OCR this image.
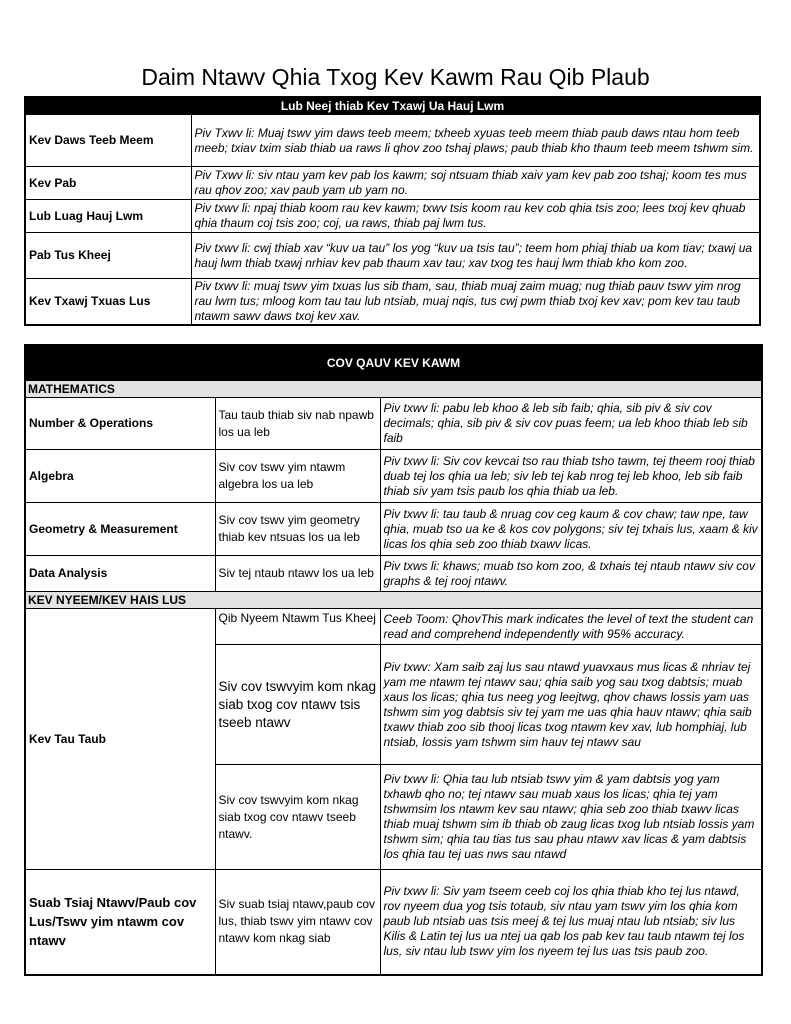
Daim Ntawv Qhia Txog Kev Kawm Rau Qib Plaub
Lub Neej thiab Kev Txawj Ua Hauj Lwm	
Kev Daws Teeb Meem	Piv Txwv li: Muaj tswv yim daws teeb meem; txheeb xyuas teeb meem thiab paub daws ntau hom teeb meeb; txiav txim siab thiab ua raws li qhov zoo tshaj plaws; paub thiab kho thaum teeb meem tshwm sim.
Kev Pab	Piv Txwv li: siv ntau yam kev pab los kawm; soj ntsuam thiab xaiv yam kev pab zoo tshaj; koom tes mus rau qhov zoo; xav paub yam ub yam no.
Lub Luag Hauj Lwm	Piv txwv li: npaj thiab koom rau kev kawm; txwv tsis koom rau kev cob qhia tsis zoo; lees txoj kev qhuab qhia thaum coj tsis zoo; coj, ua raws, thiab paj lwm tus.
Pab Tus Kheej	Piv txwv li: cwj thiab xav “kuv ua tau” los yog “kuv ua tsis tau”; teem hom phiaj thiab ua kom tiav; txawj ua hauj lwm thiab txawj nrhiav kev pab thaum xav tau; xav txog tes hauj lwm thiab kho kom zoo.
Kev Txawj Txuas Lus	Piv txwv li: muaj tswv yim txuas lus sib tham, sau, thiab muaj zaim muag; nug thiab pauv tswv yim nrog rau lwm tus; mloog kom tau tau lub ntsiab, muaj nqis, tus cwj pwm thiab txoj kev xav; pom kev tau taub ntawm sawv daws txoj kev xav.
COV QAUV KEV KAWM		
MATHEMATICS		
Number & Operations	Tau taub thiab siv nab npawb los ua leb	Piv txwv li: pabu leb khoo & leb sib faib; qhia, sib piv & siv cov decimals; qhia, sib piv & siv cov puas feem; ua leb khoo thiab leb sib faib
Algebra	Siv cov tswv yim ntawm algebra los ua leb	Piv txwv li: Siv cov kevcai tso rau thiab tsho tawm, tej theem rooj thiab duab tej los qhia ua leb; siv leb tej kab nrog tej leb khoo, leb sib faib thiab siv yam tsis paub los qhia thiab ua leb.
Geometry & Measurement	Siv cov tswv yim geometry thiab kev ntsuas los ua leb	Piv txwv li: tau taub & nruag cov ceg kaum & cov chaw; taw npe, taw qhia, muab tso ua ke & kos cov polygons; siv tej txhais lus, xaam & kiv licas los qhia seb zoo thiab txawv licas.
Data Analysis	Siv tej ntaub ntawv los ua leb	Piv txws li: khaws; muab tso kom zoo, & txhais tej ntaub ntawv siv cov graphs & tej rooj ntawv.
KEV NYEEM/KEV HAIS LUS		
Kev Tau Taub	Qib Nyeem Ntawm Tus Kheej	Ceeb Toom: QhovThis mark indicates the level of text the student can read and comprehend independently with 95% accuracy.
	Siv cov tswvyim kom nkag siab txog cov ntawv tsis tseeb ntawv	Piv txwv: Xam saib zaj lus sau ntawd yuavxaus mus licas & nhriav tej yam me ntawm tej ntawv sau; qhia saib yog sau txog dabtsis; muab xaus los licas; qhia tus neeg yog leejtwg, qhov chaws lossis yam uas tshwm sim yog dabtsis siv tej yam me uas qhia hauv ntawv; qhia saib txawv thiab zoo sib thooj licas txog ntawm kev xav, lub homphiaj, lub ntsiab, lossis yam tshwm sim hauv tej ntawv sau
	Siv cov tswvyim kom nkag siab txog cov ntawv tseeb ntawv.	Piv txwv li: Qhia tau lub ntsiab tswv yim & yam dabtsis yog yam txhawb qho no; tej ntawv sau muab xaus los licas; qhia tej yam tshwmsim los ntawm kev sau ntawv; qhia seb zoo thiab txawv licas thiab muaj tshwm sim ib thiab ob zaug licas txog lub ntsiab lossis yam tshwm sim; qhia tau tias tus sau phau ntawv xav licas & yam dabtsis los qhia tau tej uas nws sau ntawd
Suab Tsiaj Ntawv/Paub cov Lus/Tswv yim ntawm cov ntawv	Siv suab tsiaj ntawv,paub cov lus, thiab tswv yim ntawv cov ntawv kom nkag siab	Piv txwv li: Siv yam tseem ceeb coj los qhia thiab kho tej lus ntawd, rov nyeem dua yog tsis totaub, siv ntau yam tswv yim los qhia kom paub lub ntsiab uas tsis meej & tej lus muaj ntau lub ntsiab; siv lus Kilis & Latin tej lus ua ntej ua qab los pab kev tau taub ntawm tej los lus, siv ntau lub tswv yim los nyeem tej lus uas tsis paub zoo.
